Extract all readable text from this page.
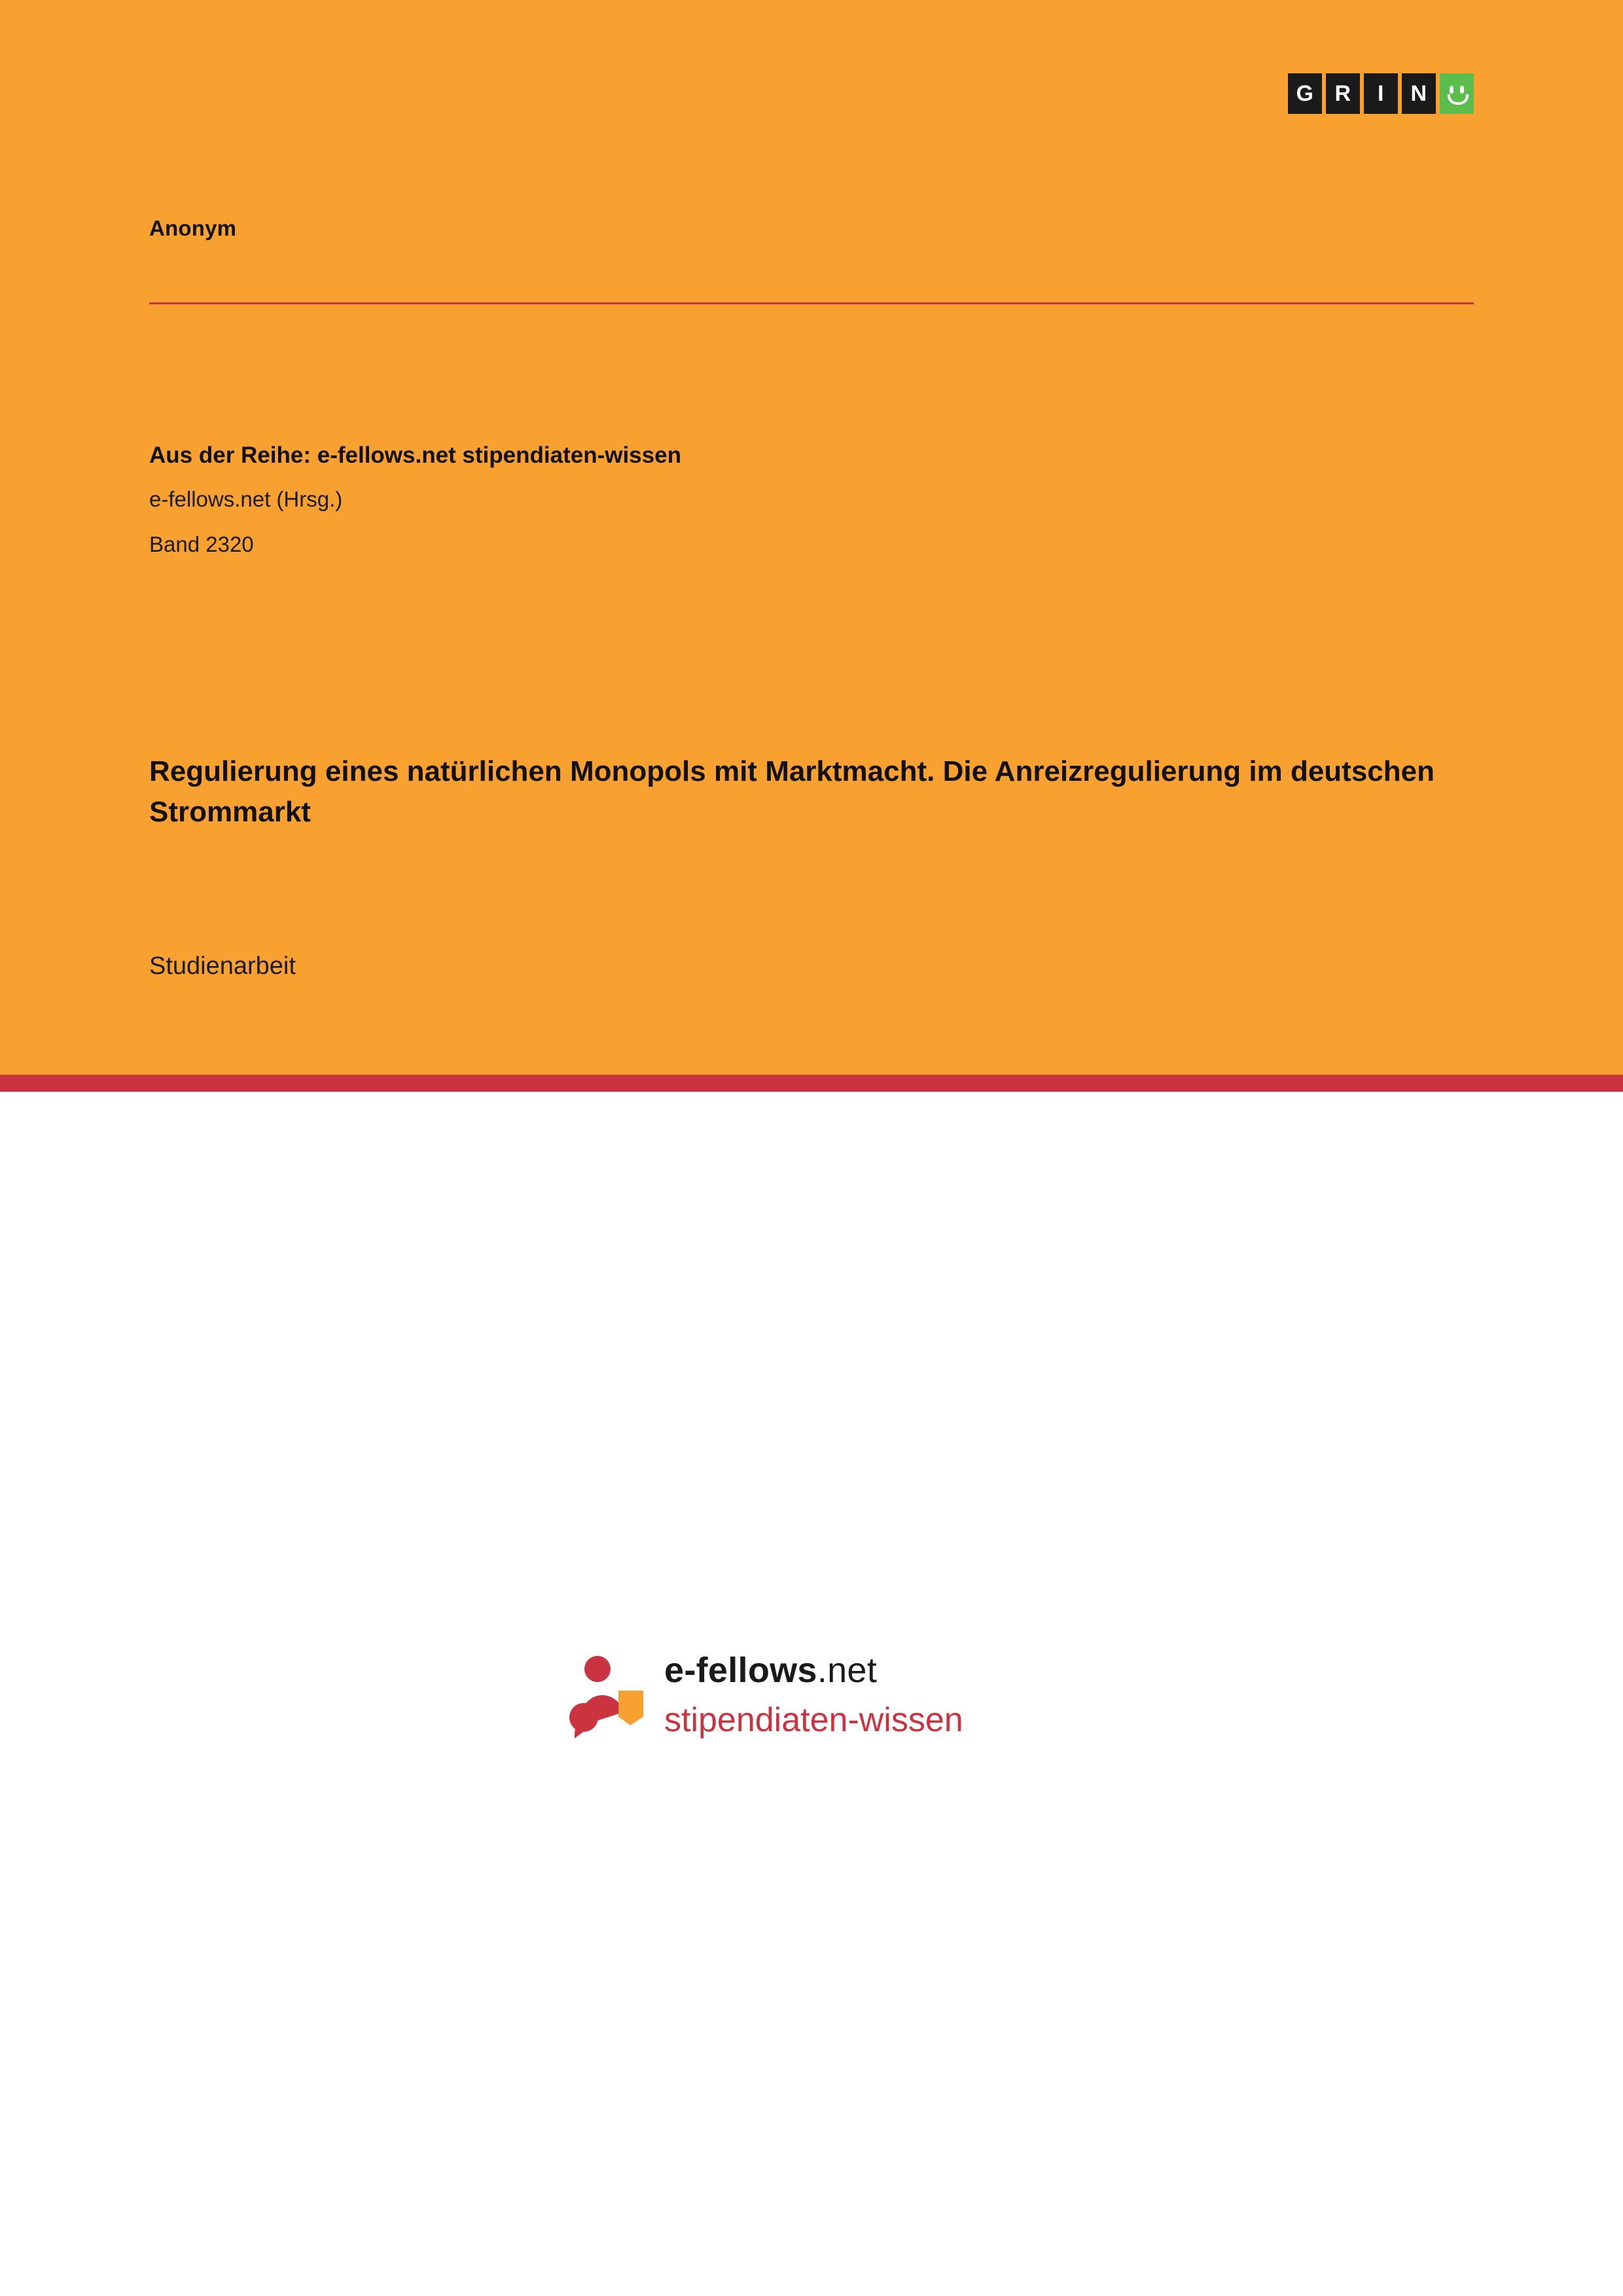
G R	I	N
Anonym
Aus der Reihe: e-fellows.net stipendiaten-wissen
e-fellows.net (Hrsg.)
Band 2320
Regulierung eines natürlichen Monopols mit Marktmacht. Die Anreizregulierung im deutschen Strommarkt
Studienarbeit
e-fellows.net
stipendiaten-wissen
